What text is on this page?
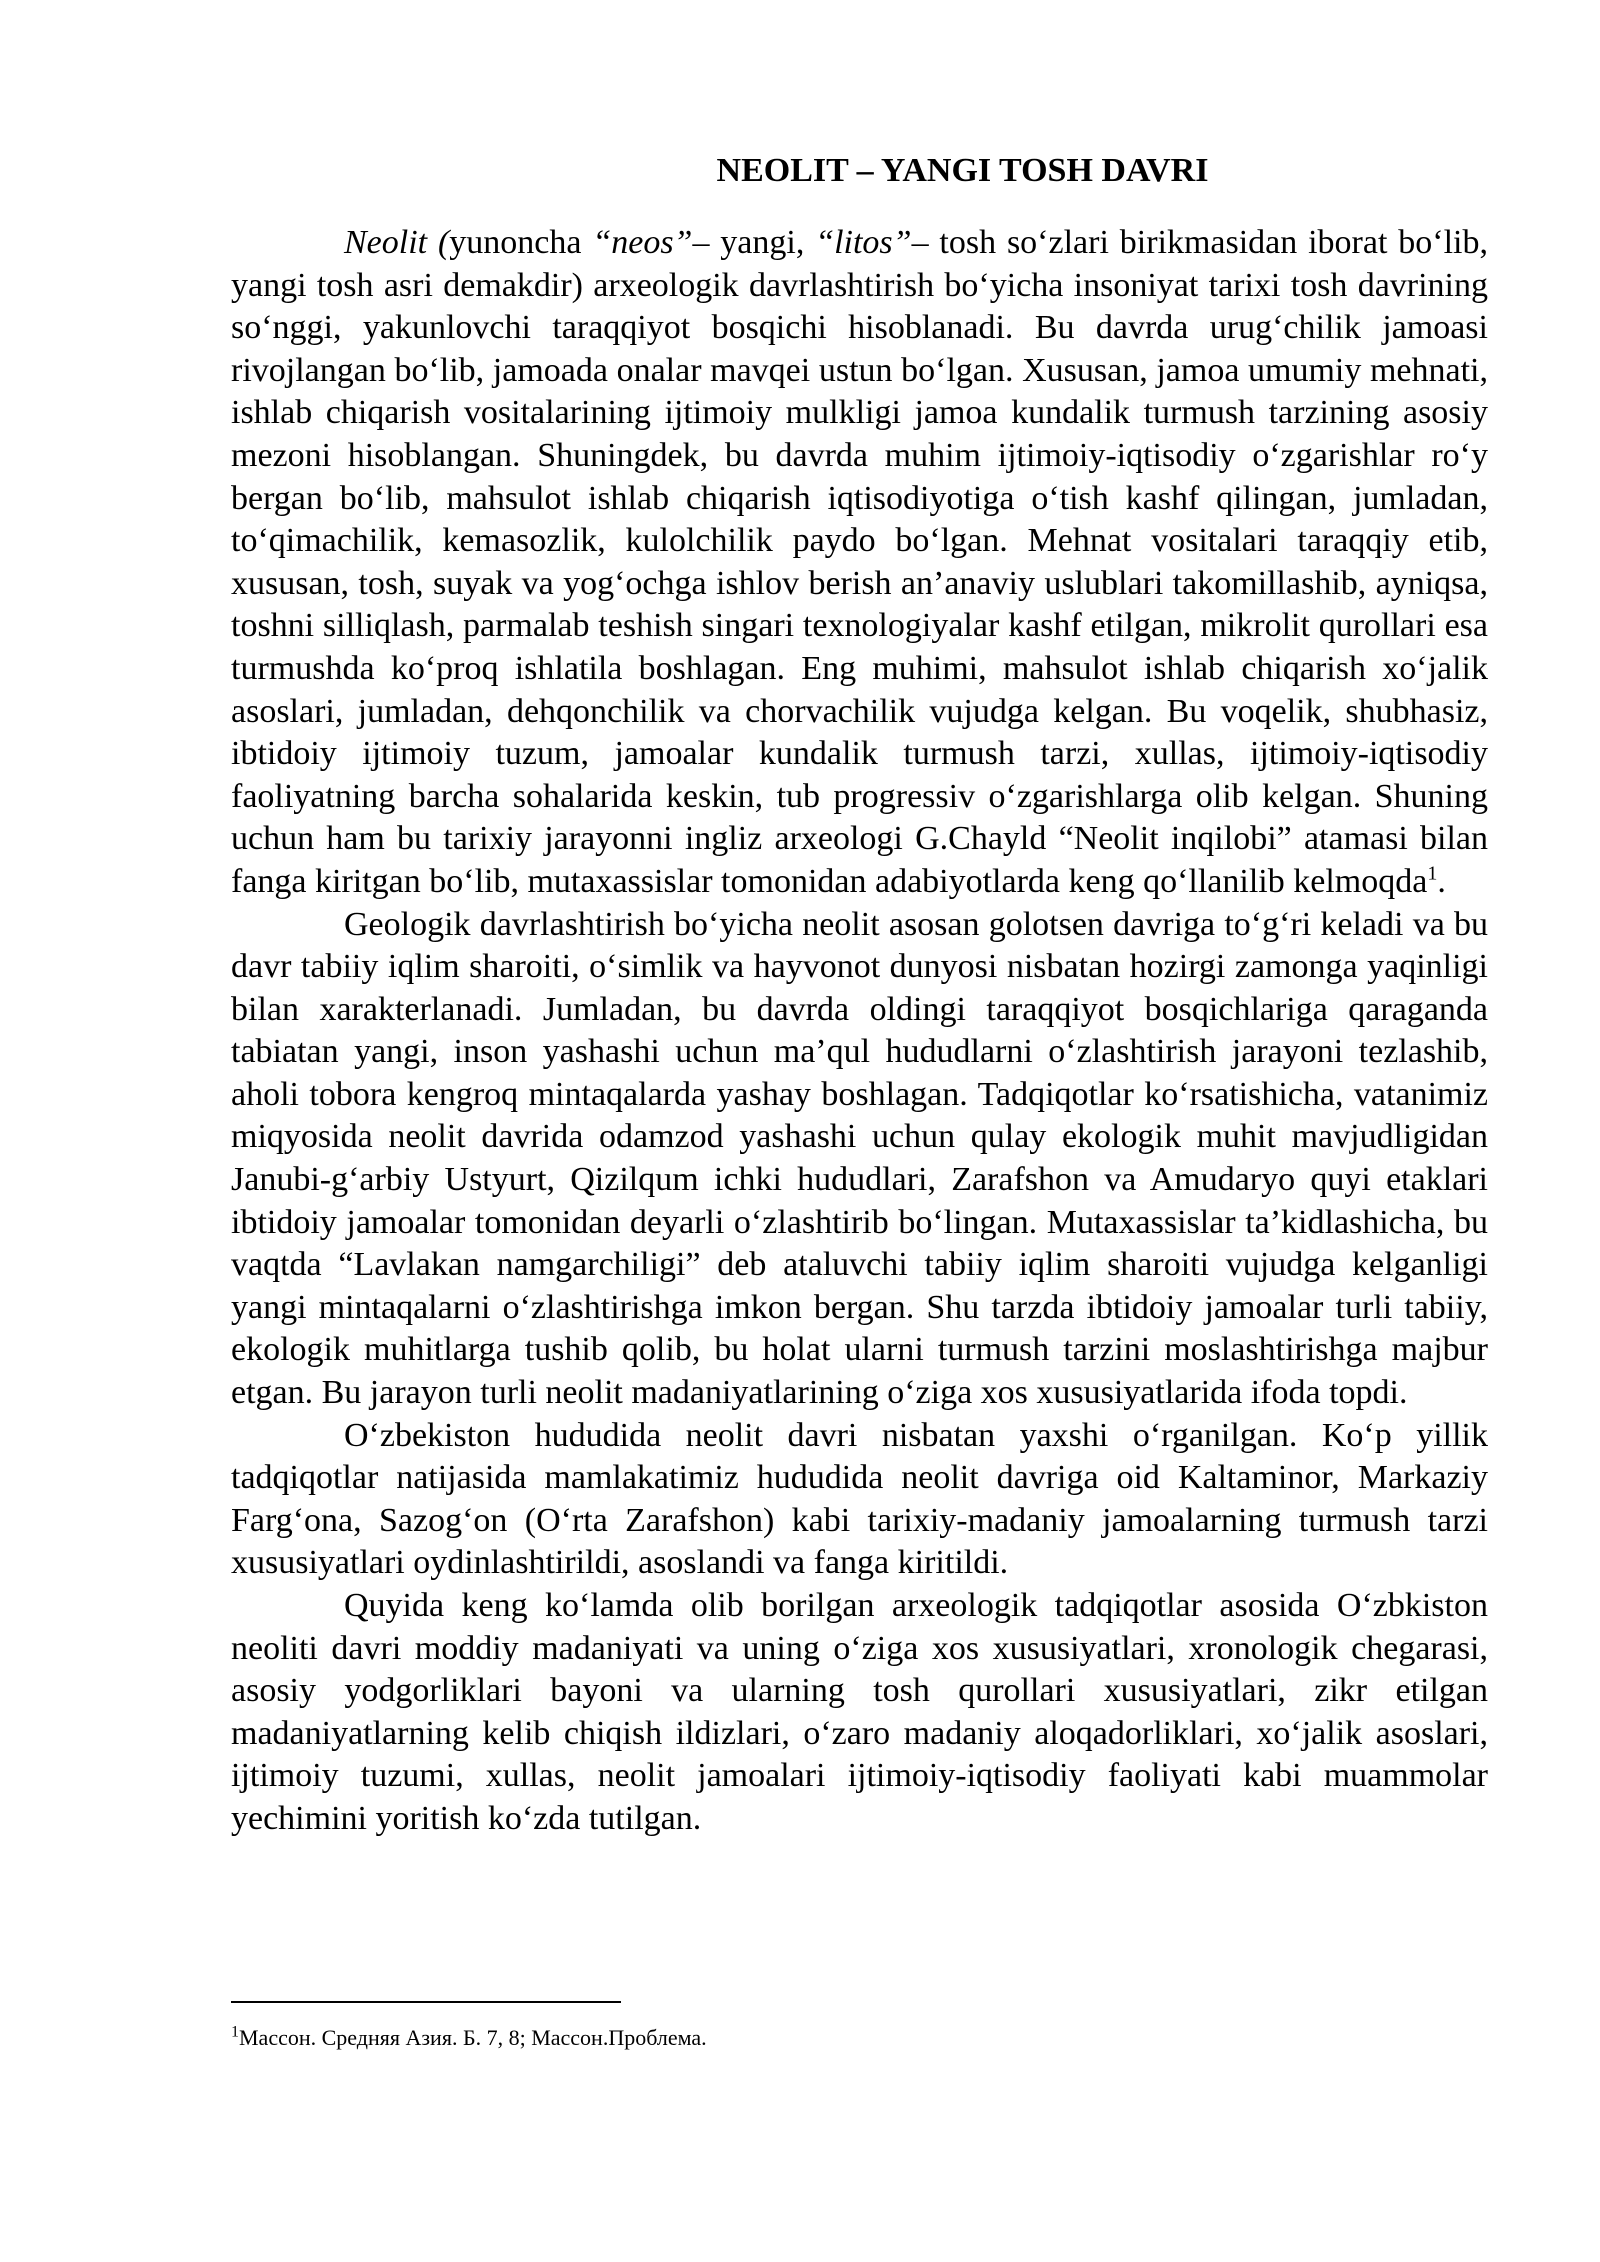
NEOLIT – YANGI TOSH DAVRI

Neolit (yunoncha “neos”– yangi, “litos”– tosh so‘zlari birikmasidan iborat bo‘lib, yangi tosh asri demakdir) arxeologik davrlashtirish bo‘yicha insoniyat tarixi tosh davrining so‘nggi, yakunlovchi taraqqiyot bosqichi hisoblanadi. Bu davrda urug‘chilik jamoasi rivojlangan bo‘lib, jamoada onalar mavqei ustun bo‘lgan. Xususan, jamoa umumiy mehnati, ishlab chiqarish vositalarining ijtimoiy mulkligi jamoa kundalik turmush tarzining asosiy mezoni hisoblangan. Shuningdek, bu davrda muhim ijtimoiy-iqtisodiy o‘zgarishlar ro‘y bergan bo‘lib, mahsulot ishlab chiqarish iqtisodiyotiga o‘tish kashf qilingan, jumladan, to‘qimachilik, kemasozlik, kulolchilik paydo bo‘lgan. Mehnat vositalari taraqqiy etib, xususan, tosh, suyak va yog‘ochga ishlov berish an’anaviy uslublari takomillashib, ayniqsa, toshni silliqlash, parmalab teshish singari texnologiyalar kashf etilgan, mikrolit qurollari esa turmushda ko‘proq ishlatila boshlagan. Eng muhimi, mahsulot ishlab chiqarish xo‘jalik asoslari, jumladan, dehqonchilik va chorvachilik vujudga kelgan. Bu voqelik, shubhasiz, ibtidoiy ijtimoiy tuzum, jamoalar kundalik turmush tarzi, xullas, ijtimoiy-iqtisodiy faoliyatning barcha sohalarida keskin, tub progressiv o‘zgarishlarga olib kelgan. Shuning uchun ham bu tarixiy jarayonni ingliz arxeologi G.Chayld “Neolit inqilobi” atamasi bilan fanga kiritgan bo‘lib, mutaxassislar tomonidan adabiyotlarda keng qo‘llanilib kelmoqda$^1$.

Geologik davrlashtirish bo‘yicha neolit asosan golotsen davriga to‘g‘ri keladi va bu davr tabiiy iqlim sharoiti, o‘simlik va hayvonot dunyosi nisbatan hozirgi zamonga yaqinligi bilan xarakterlanadi. Jumladan, bu davrda oldingi taraqqiyot bosqichlariga qaraganda tabiatan yangi, inson yashashi uchun ma’qul hududlarni o‘zlashtirish jarayoni tezlashib, aholi tobora kengroq mintaqalarda yashay boshlagan. Tadqiqotlar ko‘rsatishicha, vatanimiz miqyosida neolit davrida odamzod yashashi uchun qulay ekologik muhit mavjudligidan Janubi-g‘arbiy Ustyurt, Qizilqum ichki hududlari, Zarafshon va Amudaryo quyi etaklari ibtidoiy jamoalar tomonidan deyarli o‘zlashtirib bo‘lingan. Mutaxassislar ta’kidlashicha, bu vaqtda “Lavlakan namgarchiligi” deb ataluvchi tabiiy iqlim sharoiti vujudga kelganligi yangi mintaqalarni o‘zlashtirishga imkon bergan. Shu tarzda ibtidoiy jamoalar turli tabiiy, ekologik muhitlarga tushib qolib, bu holat ularni turmush tarzini moslashtirishga majbur etgan. Bu jarayon turli neolit madaniyatlarining o‘ziga xos xususiyatlarida ifoda topdi.

O‘zbekiston hududida neolit davri nisbatan yaxshi o‘rganilgan. Ko‘p yillik tadqiqotlar natijasida mamlakatimiz hududida neolit davriga oid Kaltaminor, Markaziy Farg‘ona, Sazog‘on (O‘rta Zarafshon) kabi tarixiy-madaniy jamoalarning turmush tarzi xususiyatlari oydinlashtirildi, asoslandi va fanga kiritildi.

Quyida keng ko‘lamda olib borilgan arxeologik tadqiqotlar asosida O‘zbkiston neoliti davri moddiy madaniyati va uning o‘ziga xos xususiyatlari, xronologik chegarasi, asosiy yodgorliklari bayoni va ularning tosh qurollari xususiyatlari, zikr etilgan madaniyatlarning kelib chiqish ildizlari, o‘zaro madaniy aloqadorliklari, xo‘jalik asoslari, ijtimoiy tuzumi, xullas, neolit jamoalari ijtimoiy-iqtisodiy faoliyati kabi muammolar yechimini yoritish ko‘zda tutilgan.

$^1$Массон. Средняя Азия. Б. 7, 8; Массон.Проблема.
